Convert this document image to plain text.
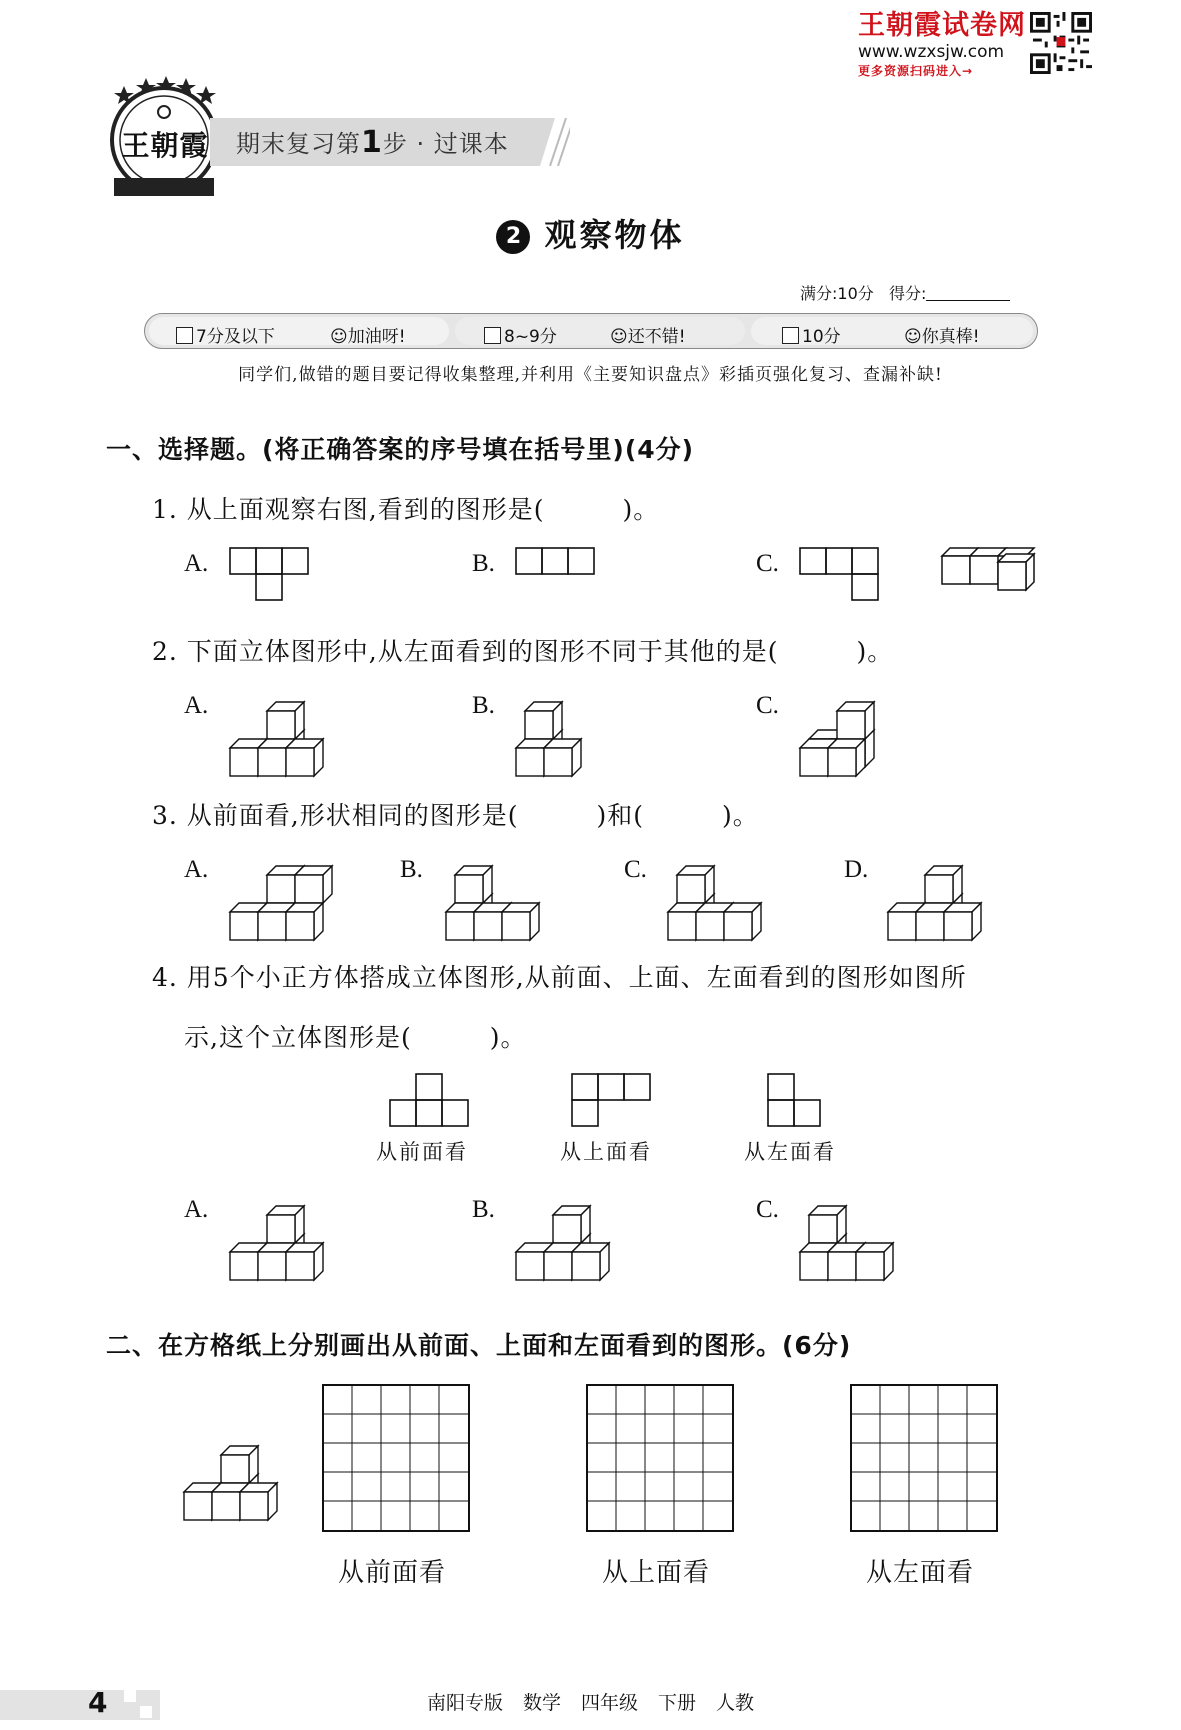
王朝霞试卷网
www.wzxsjw.com
更多资源扫码进入→
王朝霞 期末复习第1步 · 过课本
2 观察物体
满分:10分 得分:
7分及以下	☺加油呀!	8~9分	☺还不错!	10分	☺你真棒!
同学们,做错的题目要记得收集整理,并利用《主要知识盘点》彩插页强化复习、查漏补缺!
一、选择题。(将正确答案的序号填在括号里)(4分)
1. 从上面观察右图,看到的图形是(　　　)。
A.	B.	C.
2. 下面立体图形中,从左面看到的图形不同于其他的是(　　　)。
A.	B.	C.
3. 从前面看,形状相同的图形是(　　　)和(　　　)。
A.	B.	C.	D.
4. 用5个小正方体搭成立体图形,从前面、上面、左面看到的图形如图所
示,这个立体图形是(　　　)。
从前面看	从上面看	从左面看
A.	B.	C.
二、在方格纸上分别画出从前面、上面和左面看到的图形。(6分)
从前面看	从上面看	从左面看
4	南阳专版 数学 四年级 下册 人教
